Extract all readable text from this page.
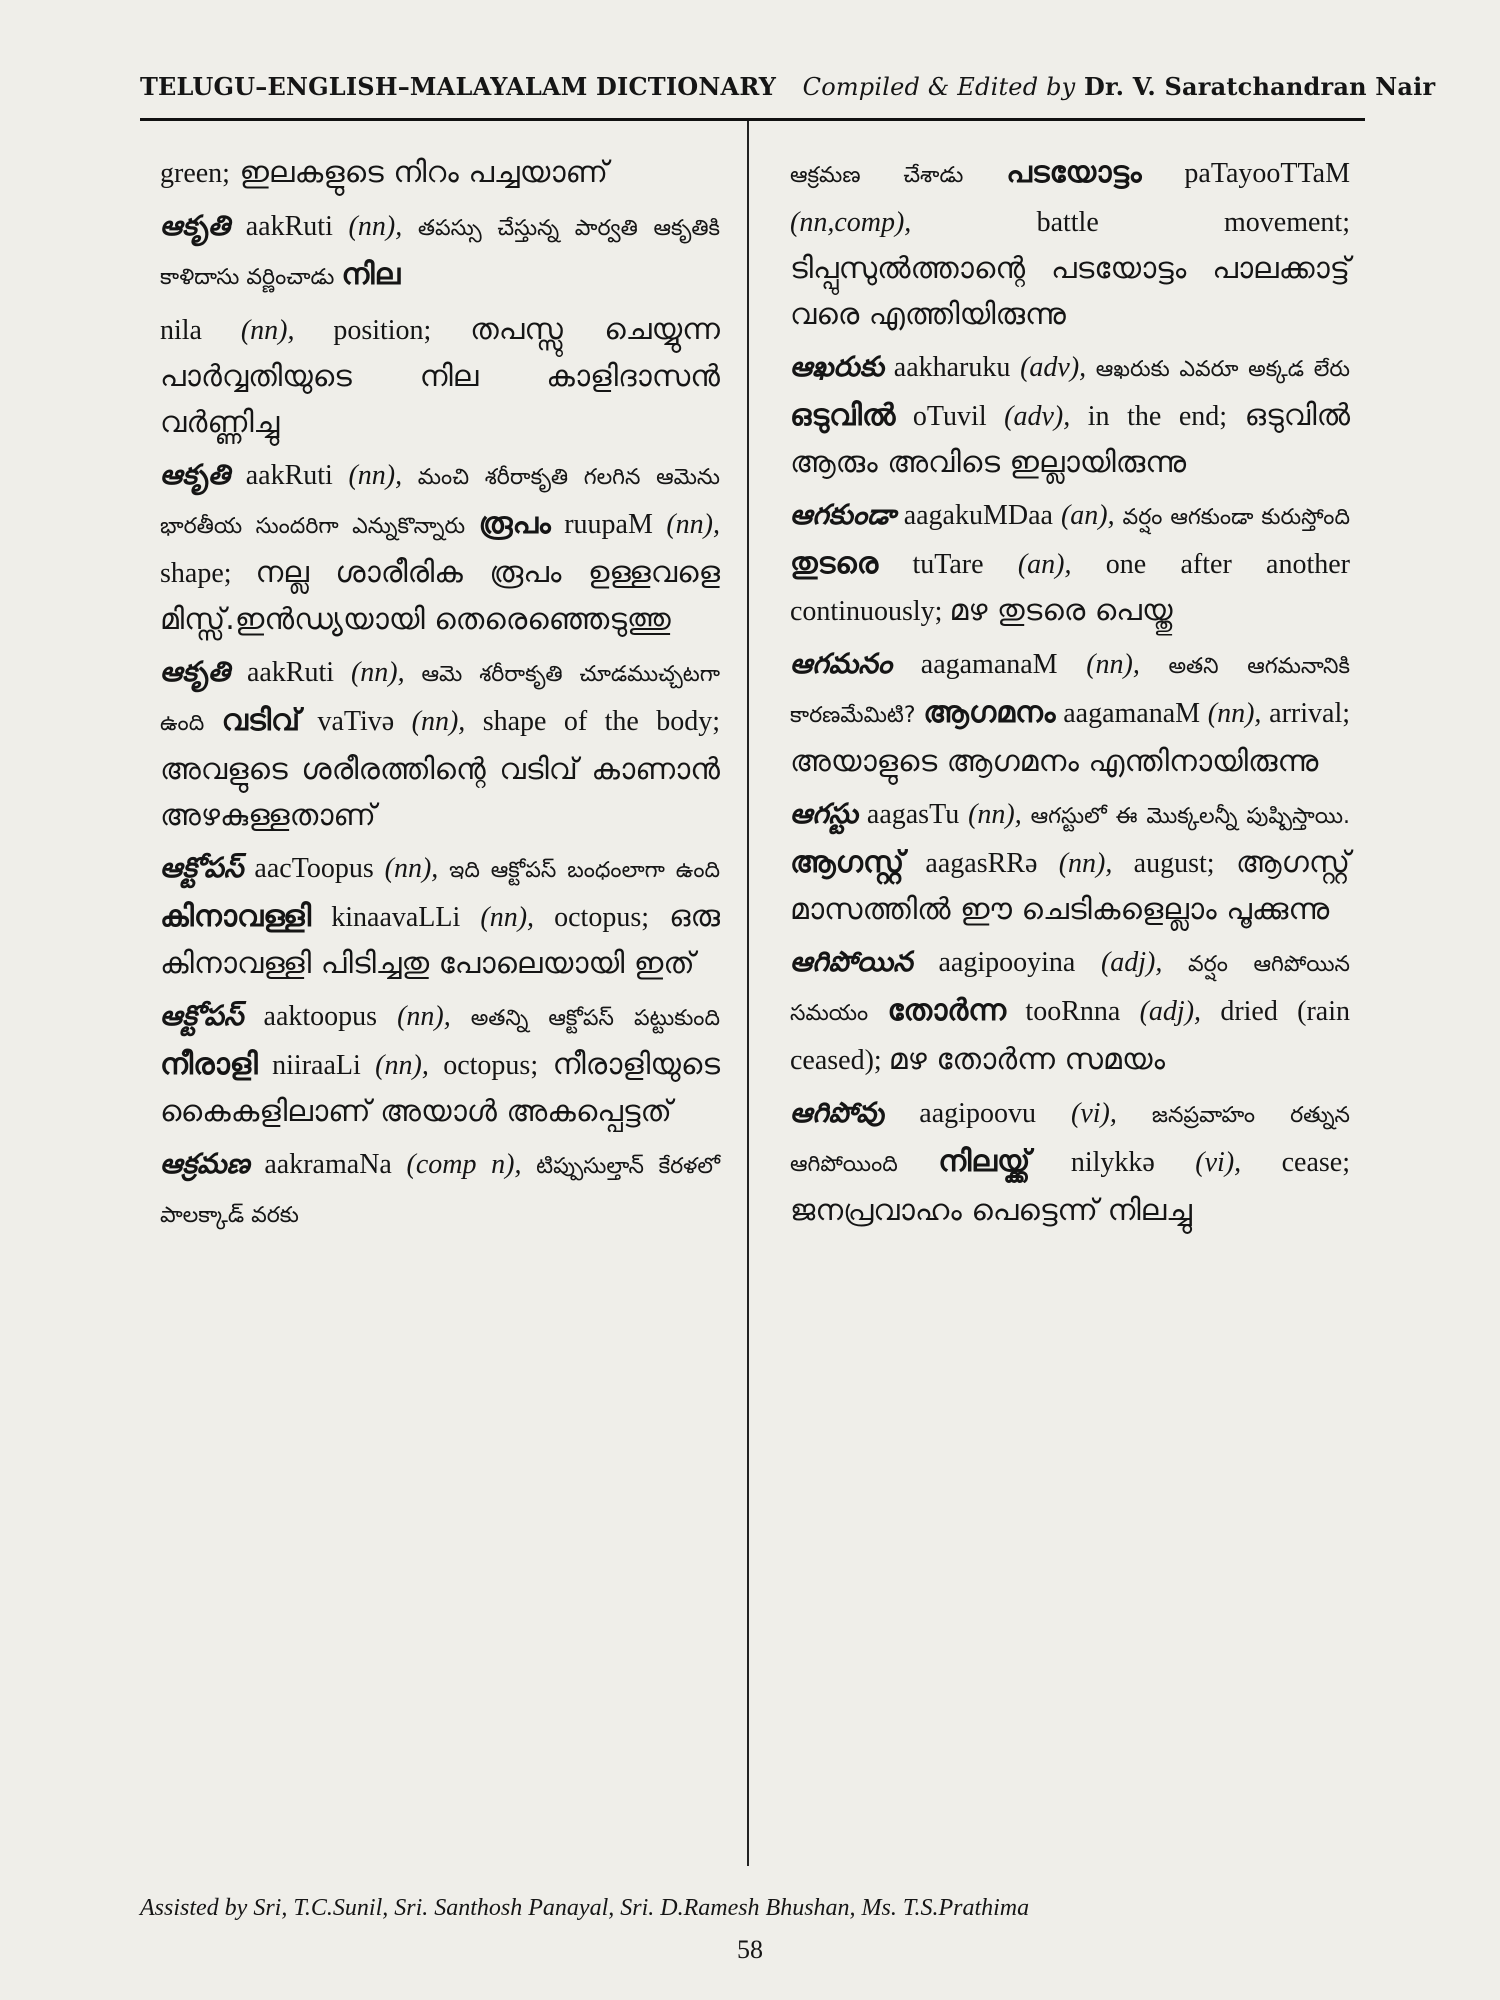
TELUGU–ENGLISH–MALAYALAM DICTIONARY Compiled & Edited by Dr. V. Saratchandran Nair
green; ഇലകളുടെ നിറം പച്ചയാണ്
ఆకృతి aakRuti (nn), తపస్సు చేస్తున్న పార్వతి ఆకృతికి కాళిదాసు వర్ణించాడు നില
nila (nn), position; തപസ്സു ചെയ്യുന്ന പാർവ്വതിയുടെ നില കാളിദാസൻ വർണ്ണിച്ചു
ఆకృతి aakRuti (nn), మంచి శరీరాకృతి గలగిన ఆమెను భారతీయ సుందరిగా ఎన్నుకొన్నారు രൂപം ruupaM (nn), shape; നല്ല ശാരീരിക രൂപം ഉള്ളവളെ മിസ്സ്.ഇൻഡ്യയായി തെരെഞ്ഞെടുത്തു
ఆకృతి aakRuti (nn), ఆమె శరీరాకృతి చూడముచ్చటగా ఉంది വടിവ് vaTivə (nn), shape of the body; അവളുടെ ശരീരത്തിന്റെ വടിവ് കാണാൻ അഴകുള്ളതാണ്
ఆక్టోపస్ aacToopus (nn), ఇది ఆక్టోపస్ బంధంలాగా ఉంది കിനാവള്ളി kinaavaLLi (nn), octopus; ഒരു കിനാവള്ളി പിടിച്ചതു പോലെയായി ഇത്
ఆక్టోపస్ aaktoopus (nn), అతన్ని ఆక్టోపస్ పట్టుకుంది നീരാളി niiraaLi (nn), octopus; നീരാളിയുടെ കൈകളിലാണ് അയാൾ അകപ്പെട്ടത്
ఆక్రమణ aakramaNa (comp n), టిప్పుసుల్తాన్ కేరళలో పాలక్కాడ్ వరకు
ఆక్రమణ చేశాడు പടയോട്ടം paTayooTTaM (nn,comp), battle movement; ടിപ്പുസുൽത്താന്റെ പടയോട്ടം പാലക്കാട്ട് വരെ എത്തിയിരുന്നു
ఆఖరుకు aakharuku (adv), ఆఖరుకు ఎవరూ అక్కడ లేరు ഒടുവിൽ oTuvil (adv), in the end; ഒടുവിൽ ആരും അവിടെ ഇല്ലായിരുന്നു
ఆగకుండా aagakuMDaa (an), వర్షం ఆగకుండా కురుస్తోంది തുടരെ tuTare (an), one after another continuously; മഴ തുടരെ പെയ്തു
ఆగమనం aagamanaM (nn), అతని ఆగమనానికి కారణమేమిటి? ആഗമനം aagamanaM (nn), arrival; അയാളുടെ ആഗമനം എന്തിനായിരുന്നു
ఆగస్టు aagasTu (nn), ఆగస్టులో ఈ మొక్కలన్నీ పుష్పిస్తాయి. ആഗസ്റ്റ് aagasRRə (nn), august; ആഗസ്റ്റ് മാസത്തിൽ ഈ ചെടികളെല്ലാം പൂക്കുന്നു
ఆగిపోయిన aagipooyina (adj), వర్షం ఆగిపోయిన సమయం തോർന്ന tooRnna (adj), dried (rain ceased); മഴ തോർന്ന സമയം
ఆగిపోవు aagipoovu (vi), జనప్రవాహం రత్నున ఆగిపోయింది നിലയ്ക്ക് nilykkə (vi), cease; ജനപ്രവാഹം പെട്ടെന്ന് നിലച്ചു
Assisted by Sri, T.C.Sunil, Sri. Santhosh Panayal, Sri. D.Ramesh Bhushan, Ms. T.S.Prathima
58
